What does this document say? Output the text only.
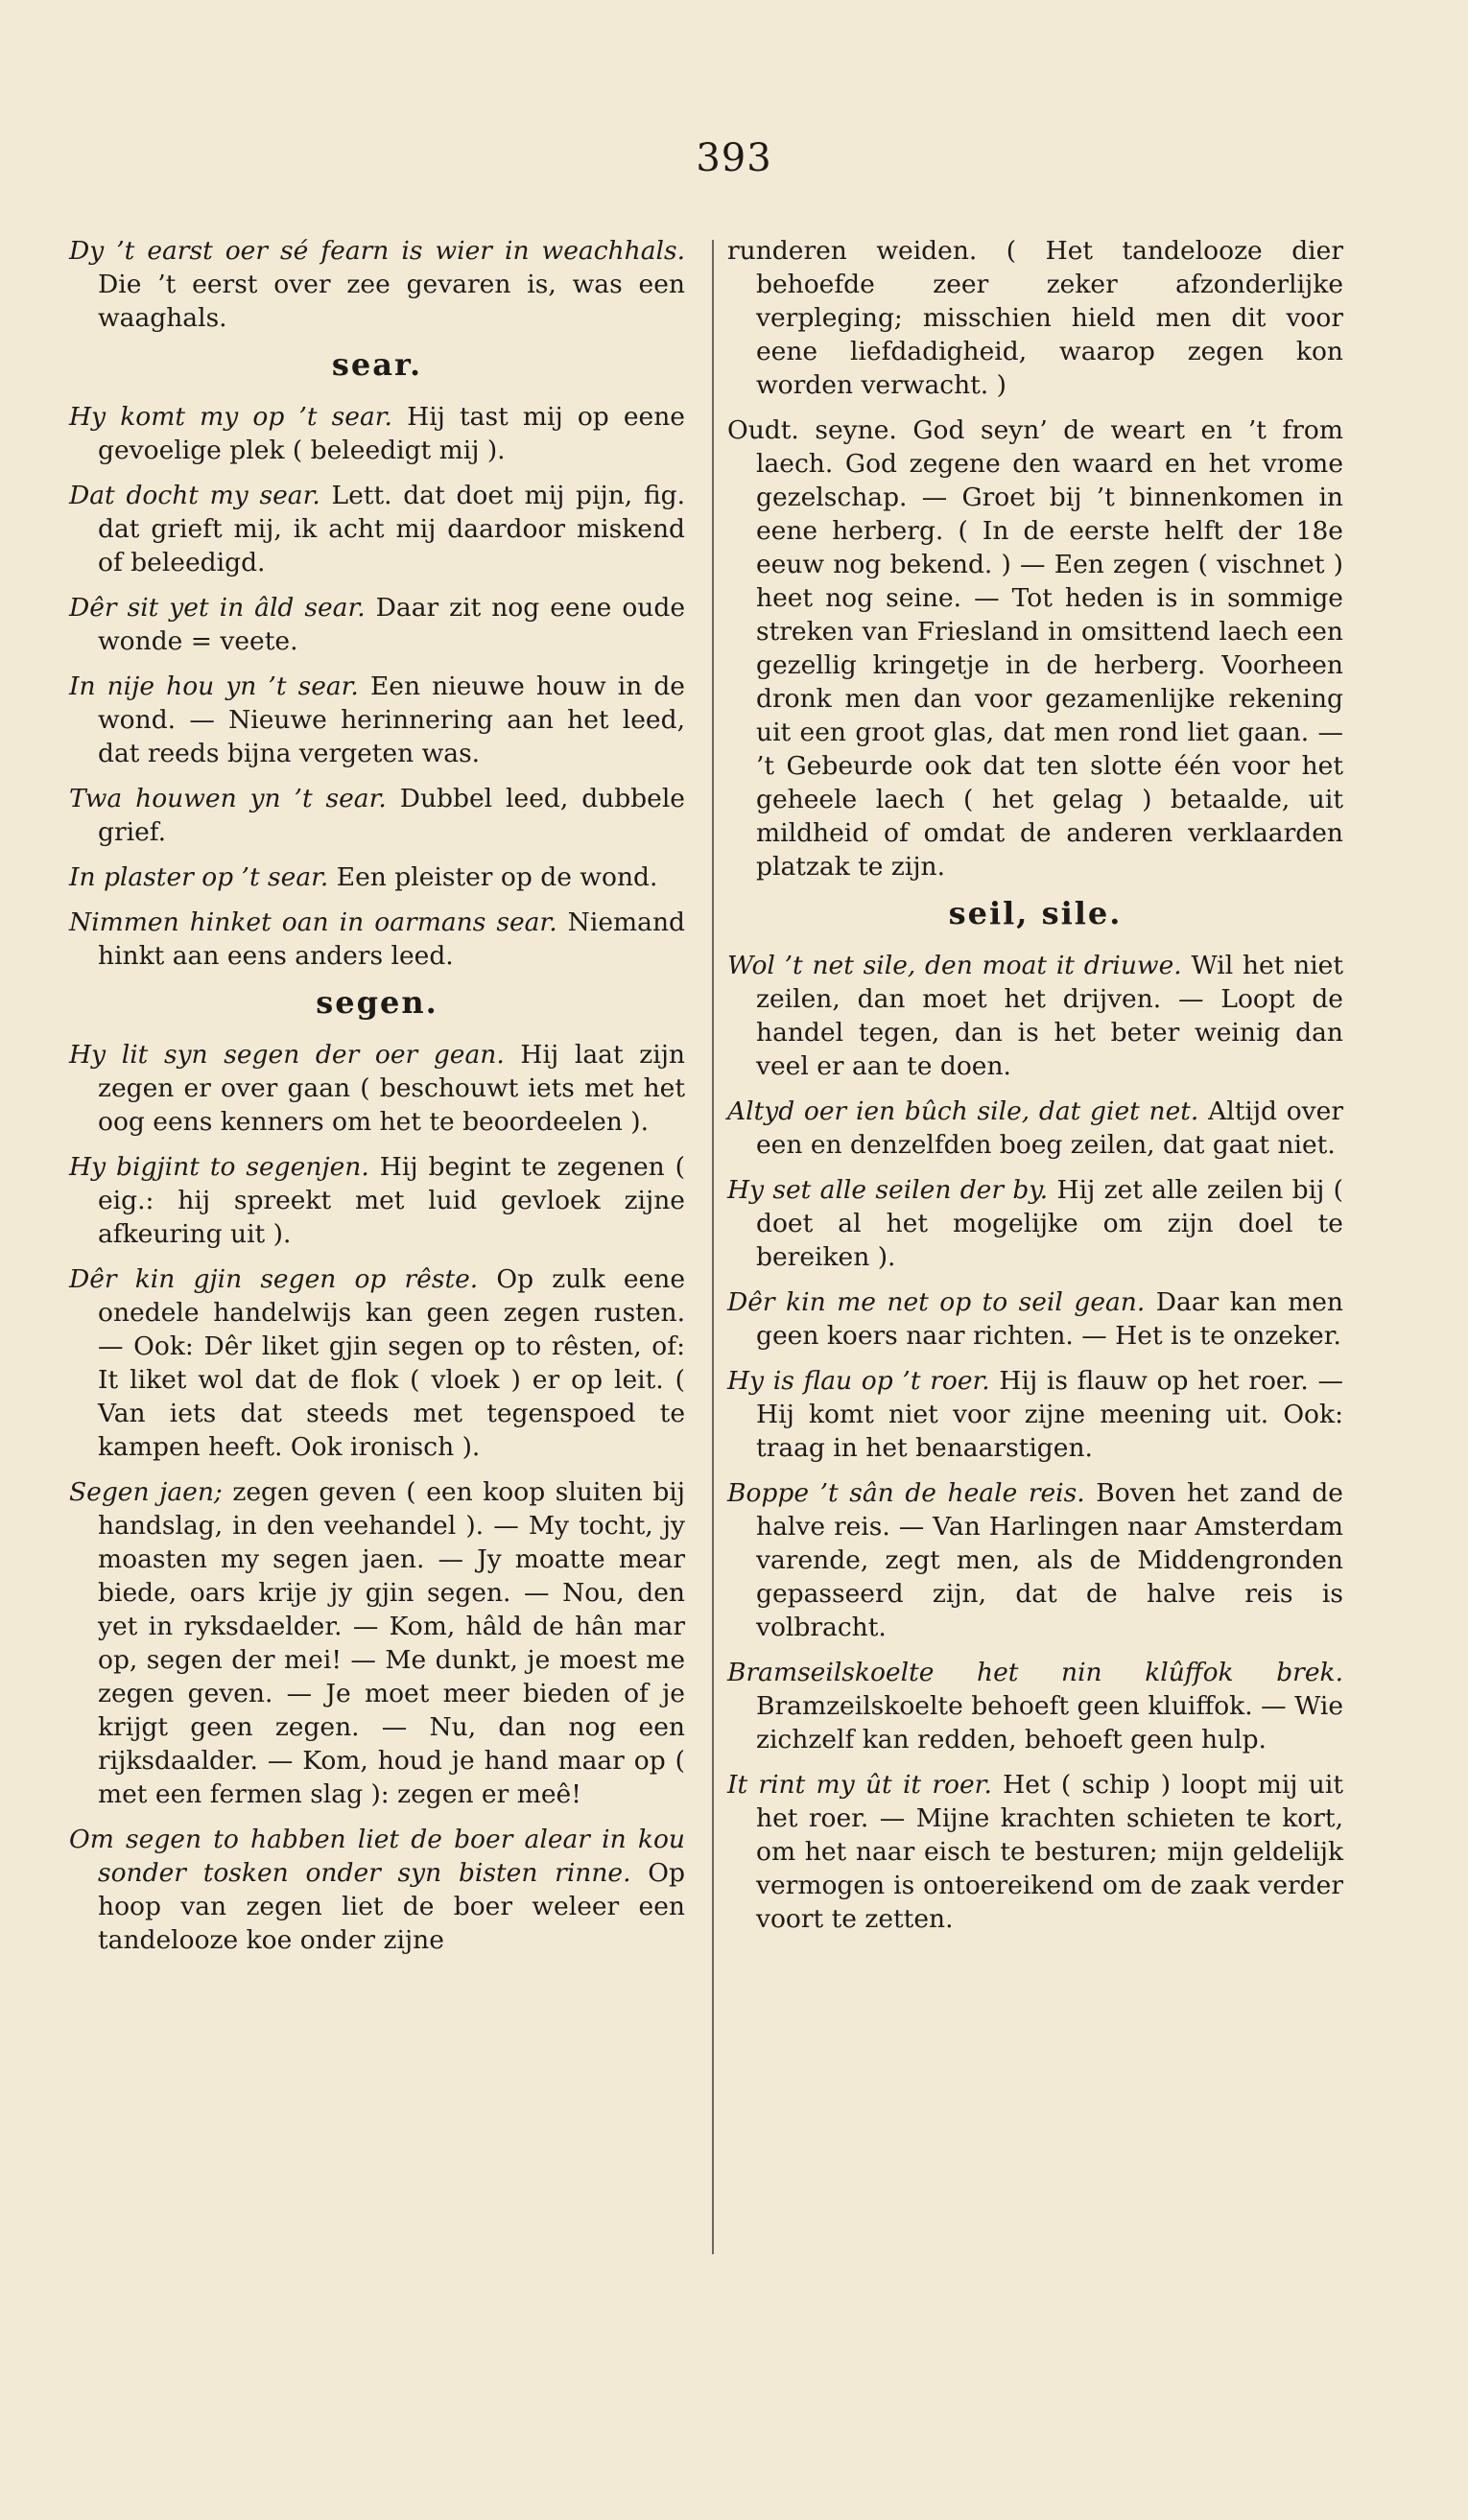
393

Dy ’t earst oer sé fearn is wier in weachhals. Die ’t eerst over zee gevaren is, was een waaghals.

sear.

Hy komt my op ’t sear. Hij tast mij op eene gevoelige plek ( beleedigt mij ).

Dat docht my sear. Lett. dat doet mij pijn, fig. dat grieft mij, ik acht mij daardoor miskend of beleedigd.

Dêr sit yet in âld sear. Daar zit nog eene oude wonde = veete.

In nije hou yn ’t sear. Een nieuwe houw in de wond. — Nieuwe herinnering aan het leed, dat reeds bijna vergeten was.

Twa houwen yn ’t sear. Dubbel leed, dubbele grief.

In plaster op ’t sear. Een pleister op de wond.

Nimmen hinket oan in oarmans sear. Niemand hinkt aan eens anders leed.

segen.

Hy lit syn segen der oer gean. Hij laat zijn zegen er over gaan ( beschouwt iets met het oog eens kenners om het te beoordeelen ).

Hy bigjint to segenjen. Hij begint te zegenen ( eig.: hij spreekt met luid gevloek zijne afkeuring uit ).

Dêr kin gjin segen op rêste. Op zulk eene onedele handelwijs kan geen zegen rusten. — Ook: Dêr liket gjin segen op to rêsten, of: It liket wol dat de flok ( vloek ) er op leit. ( Van iets dat steeds met tegenspoed te kampen heeft. Ook ironisch ).

Segen jaen; zegen geven ( een koop sluiten bij handslag, in den veehandel ). — My tocht, jy moasten my segen jaen. — Jy moatte mear biede, oars krije jy gjin segen. — Nou, den yet in ryksdaelder. — Kom, hâld de hân mar op, segen der mei! — Me dunkt, je moest me zegen geven. — Je moet meer bieden of je krijgt geen zegen. — Nu, dan nog een rijksdaalder. — Kom, houd je hand maar op ( met een fermen slag ): zegen er meê!

Om segen to habben liet de boer alear in kou sonder tosken onder syn bisten rinne. Op hoop van zegen liet de boer weleer een tandelooze koe onder zijne

runderen weiden. ( Het tandelooze dier behoefde zeer zeker afzonderlijke verpleging; misschien hield men dit voor eene liefdadigheid, waarop zegen kon worden verwacht. )

Oudt. seyne. God seyn’ de weart en ’t from laech. God zegene den waard en het vrome gezelschap. — Groet bij ’t binnenkomen in eene herberg. ( In de eerste helft der 18e eeuw nog bekend. ) — Een zegen ( vischnet ) heet nog seine. — Tot heden is in sommige streken van Friesland in omsittend laech een gezellig kringetje in de herberg. Voorheen dronk men dan voor gezamenlijke rekening uit een groot glas, dat men rond liet gaan. — ’t Gebeurde ook dat ten slotte één voor het geheele laech ( het gelag ) betaalde, uit mildheid of omdat de anderen verklaarden platzak te zijn.

seil, sile.

Wol ’t net sile, den moat it driuwe. Wil het niet zeilen, dan moet het drijven. — Loopt de handel tegen, dan is het beter weinig dan veel er aan te doen.

Altyd oer ien bûch sile, dat giet net. Altijd over een en denzelfden boeg zeilen, dat gaat niet.

Hy set alle seilen der by. Hij zet alle zeilen bij ( doet al het mogelijke om zijn doel te bereiken ).

Dêr kin me net op to seil gean. Daar kan men geen koers naar richten. — Het is te onzeker.

Hy is flau op ’t roer. Hij is flauw op het roer. — Hij komt niet voor zijne meening uit. Ook: traag in het benaarstigen.

Boppe ’t sân de heale reis. Boven het zand de halve reis. — Van Harlingen naar Amsterdam varende, zegt men, als de Middengronden gepasseerd zijn, dat de halve reis is volbracht.

Bramseilskoelte het nin klûffok brek. Bramzeilskoelte behoeft geen kluiffok. — Wie zichzelf kan redden, behoeft geen hulp.

It rint my ût it roer. Het ( schip ) loopt mij uit het roer. — Mijne krachten schieten te kort, om het naar eisch te besturen; mijn geldelijk vermogen is ontoereikend om de zaak verder voort te zetten.
